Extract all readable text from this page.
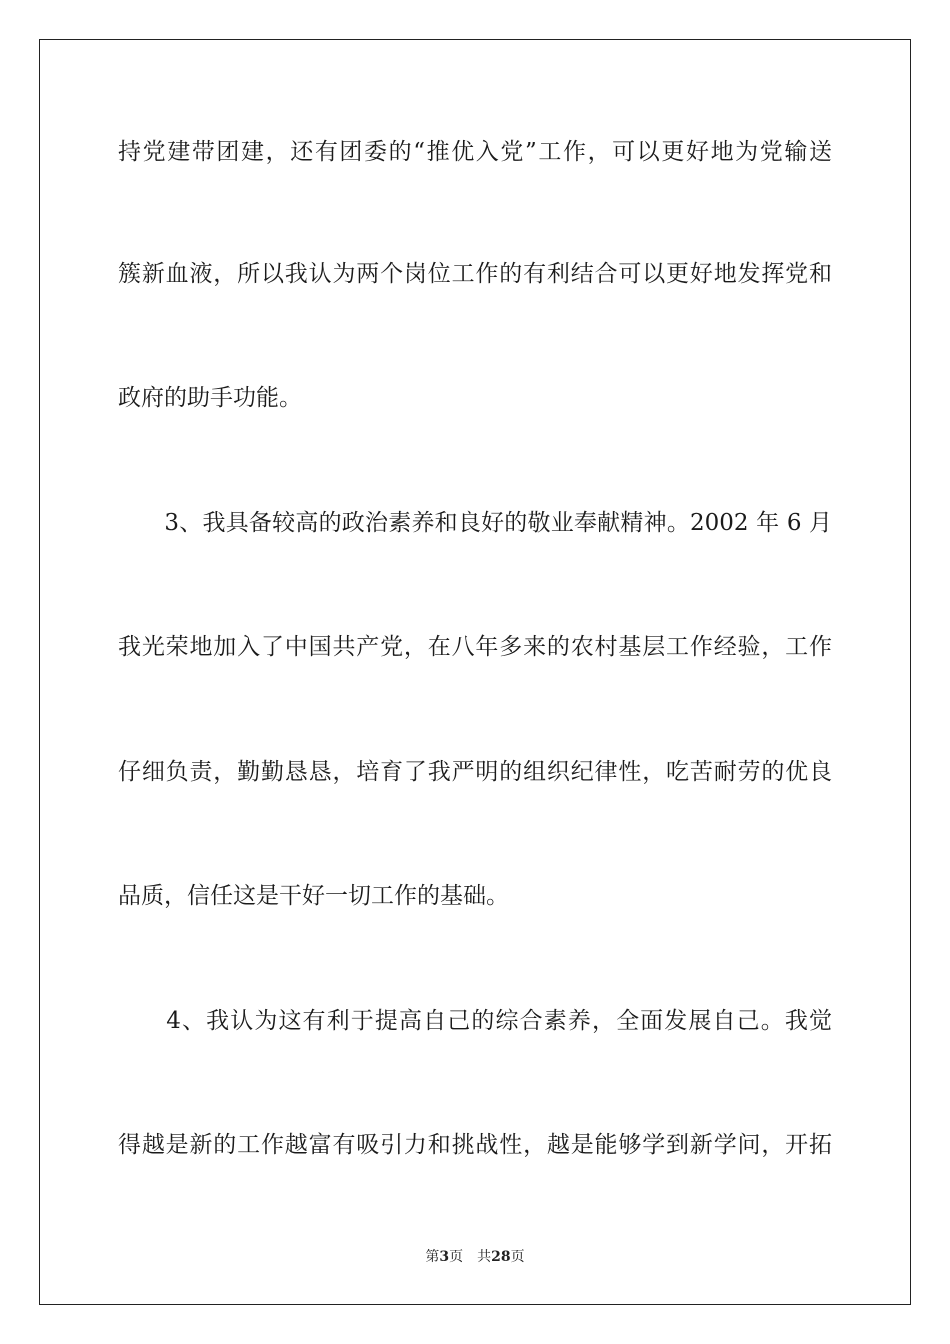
持党建带团建，还有团委的“推优入党”工作，可以更好地为党输送
簇新血液，所以我认为两个岗位工作的有利结合可以更好地发挥党和
政府的助手功能。
　　3、我具备较高的政治素养和良好的敬业奉献精神。2002 年 6 月
我光荣地加入了中国共产党，在八年多来的农村基层工作经验，工作
仔细负责，勤勤恳恳，培育了我严明的组织纪律性，吃苦耐劳的优良
品质，信任这是干好一切工作的基础。
　　4、我认为这有利于提高自己的综合素养，全面发展自己。我觉
得越是新的工作越富有吸引力和挑战性，越是能够学到新学问，开拓
第3页 共28页
